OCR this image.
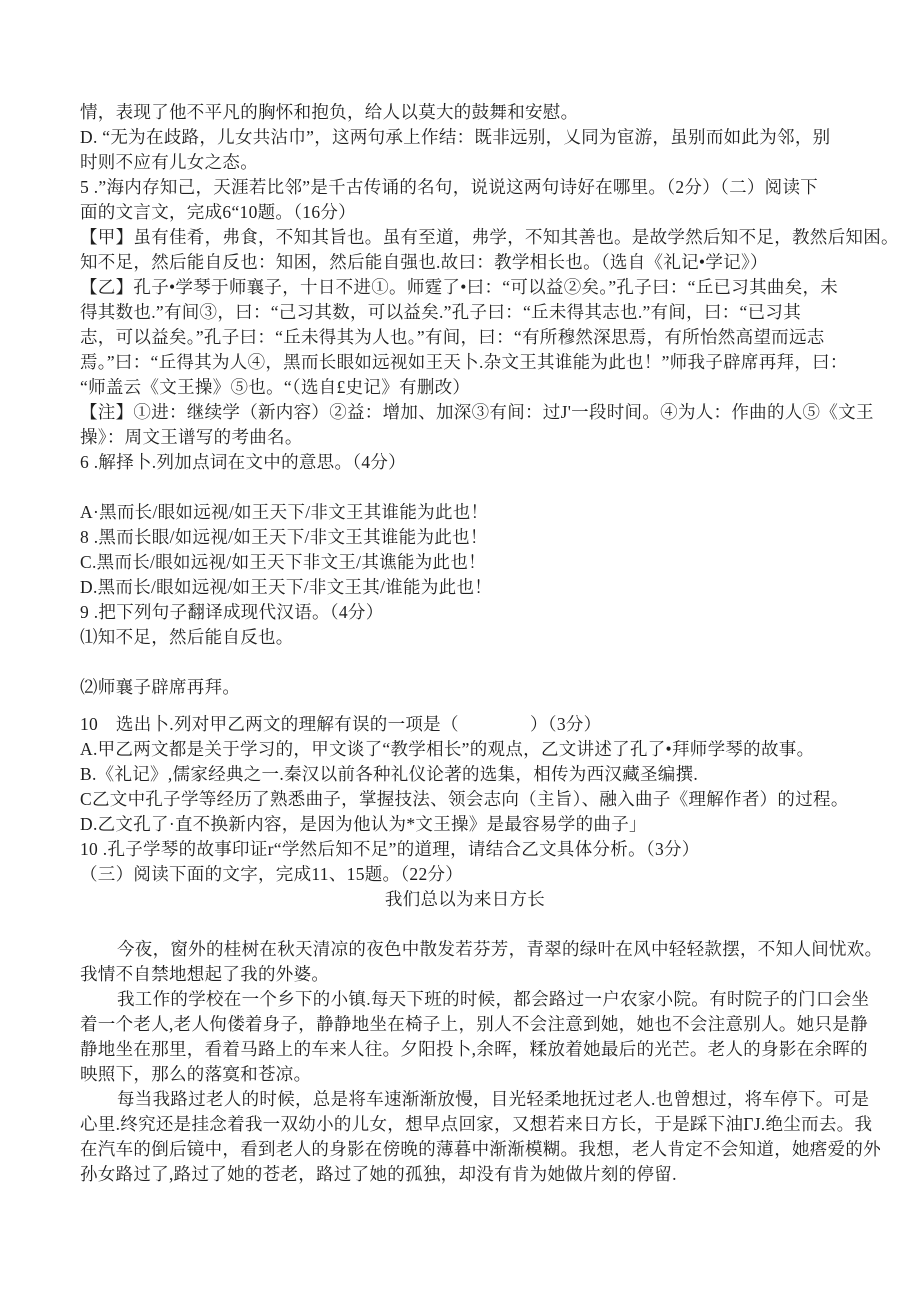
情，表现了他不平凡的胸怀和抱负，给人以莫大的鼓舞和安慰。
D. “无为在歧路，儿女共沾巾”，这两句承上作结：既非远别，乂同为宦游，虽别而如此为邻，别
时则不应有儿女之态。
5 .”海内存知己，天涯若比邻”是千古传诵的名句，说说这两句诗好在哪里。（2分）（二）阅读下
面的文言文，完成6“10题。（16分）
【甲】虽有佳肴，弗食，不知其旨也。虽有至道，弗学，不知其善也。是故学然后知不足，教然后知困。
知不足，然后能自反也：知困，然后能自强也.故曰：教学相长也。（选自《礼记•学记》）
【乙】孔子•学琴于师襄子，十日不进①。师霆了•曰：“可以益②矣。”孔子曰：“丘已习其曲矣，未
得其数也.”有间③，曰：“己习其数，可以益矣.”孔子曰：“丘未得其志也.”有间，曰：“已习其
志，可以益矣。”孔子曰：“丘未得其为人也。”有间，曰：“有所穆然深思焉，有所怡然高望而远志
焉。”曰：“丘得其为人④，黑而长眼如远视如王天卜.杂文王其谁能为此也！”师我子辟席再拜，曰：
“师盖云《文王操》⑤也。“（选自£史记》有删改）
【注】①进：继续学（新内容）②益：增加、加深③有间：过J'一段时间。④为人：作曲的人⑤《文王
操》：周文王谱写的考曲名。
6 .解择卜.列加点词在文中的意思。（4分）
A·黑而长/眼如远视/如王天下/非文王其谁能为此也！
8 .黑而长眼/如远视/如王天下/非文王其谁能为此也！
C.黑而长/眼如远视/如王天下非文王/其谯能为此也！
D.黑而长/眼如远视/如王天下/非文王其/谁能为此也！
9 .把下列句子翻译成现代汉语。（4分）
⑴知不足，然后能自反也。
⑵师襄子辟席再拜。
10　选出卜.列对甲乙两文的理解有误的一项是（　　　　）（3分）
A.甲乙两文都是关于学习的，甲文谈了“教学相长”的观点，乙文讲述了孔了•拜师学琴的故事。
B.《礼记》,儒家经典之一.秦汉以前各种礼仪论著的选集，相传为西汉藏圣编撰.
C乙文中孔子学等经历了熟悉曲子，掌握技法、领会志向（主旨）、融入曲子《理解作者）的过程。
D.乙文孔了·直不换新内容，是因为他认为*文王操》是最容易学的曲子」
10 .孔子学琴的故事印证r“学然后知不足”的道理，请结合乙文具体分析。（3分）
（三）阅读下面的文字，完成11、15题。（22分）
我们总以为来日方长
今夜，窗外的桂树在秋天清凉的夜色中散发若芬芳，青翠的绿叶在风中轻轻款摆，不知人间忧欢。
我情不自禁地想起了我的外婆。
我工作的学校在一个乡下的小镇.每天下班的时候，都会路过一户农家小院。有时院子的门口会坐
着一个老人,老人佝偻着身子，静静地坐在椅子上，别人不会注意到她，她也不会注意别人。她只是静
静地坐在那里，看着马路上的车来人往。夕阳投卜,余晖，糅放着她最后的光芒。老人的身影在余晖的
映照下，那么的落寞和苍凉。
每当我路过老人的时候，总是将车速渐渐放慢，目光轻柔地抚过老人.也曾想过，将车停下。可是
心里.终究还是挂念着我一双幼小的儿女，想早点回家，又想若来日方长，于是踩下油ΓJ.绝尘而去。我
在汽车的倒后镜中，看到老人的身影在傍晚的薄暮中渐渐模糊。我想，老人肯定不会知道，她瘩爱的外
孙女路过了,路过了她的苍老，路过了她的孤独，却没有肯为她做片刻的停留.
